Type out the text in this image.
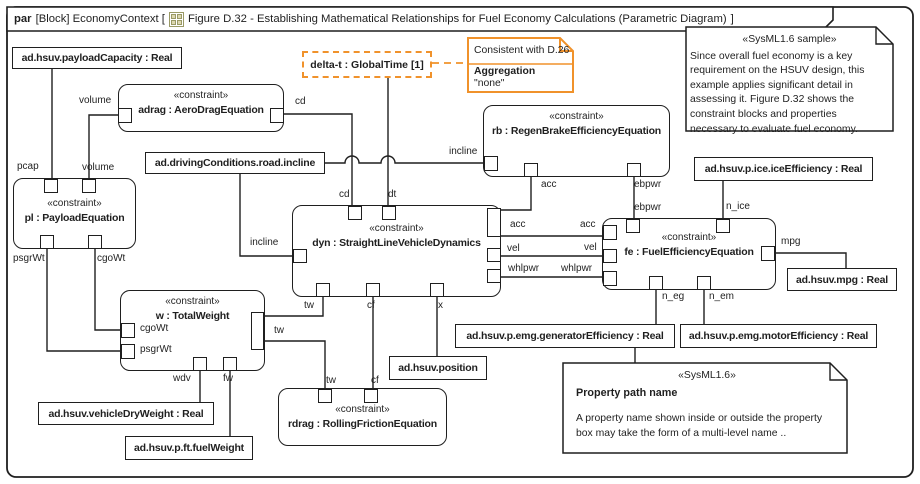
par [Block] EconomyContext [ Figure D.32 - Establishing Mathematical Relationships for Fuel Economy Calculations (Parametric Diagram) ]
ad.hsuv.payloadCapacity : Real
ad.drivingConditions.road.incline
ad.hsuv.vehicleDryWeight : Real
ad.hsuv.p.ft.fuelWeight
ad.hsuv.position
ad.hsuv.p.emg.generatorEfficiency : Real ad.hsuv.p.emg.motorEfficiency : Real
ad.hsuv.p.ice.iceEfficiency : Real
ad.hsuv.mpg : Real
«constraint»
adrag : AeroDragEquation
«constraint»
pl : PayloadEquation
«constraint»
w : TotalWeight
«constraint»
dyn : StraightLineVehicleDynamics
«constraint»
rb : RegenBrakeEfficiencyEquation
«constraint»
fe : FuelEfficiencyEquation
«constraint»
rdrag : RollingFrictionEquation
pcap
volume
volume
psgrWt	cgoWt
cgoWt
psgrWt
wdv	fw
tw
tw	cf	x
tw	cf
incline
incline
cd
cd	dt
acc
vel
whlpwr
acc
vel
whlpwr
acc	ebpwr
ebpwr	n_ice
mpg
n_eg n_em
delta-t : GlobalTime [1]
Consistent with D.26
Aggregation
"none"
«SysML1.6 sample»
Since overall fuel economy is a key
requirement on the HSUV design, this
example applies significant detail in
assessing it. Figure D.32 shows the
constraint blocks and properties
necessary to evaluate fuel economy.
«SysML1.6»
Property path name
A property name shown inside or outside the property
box may take the form of a multi-level name ..
